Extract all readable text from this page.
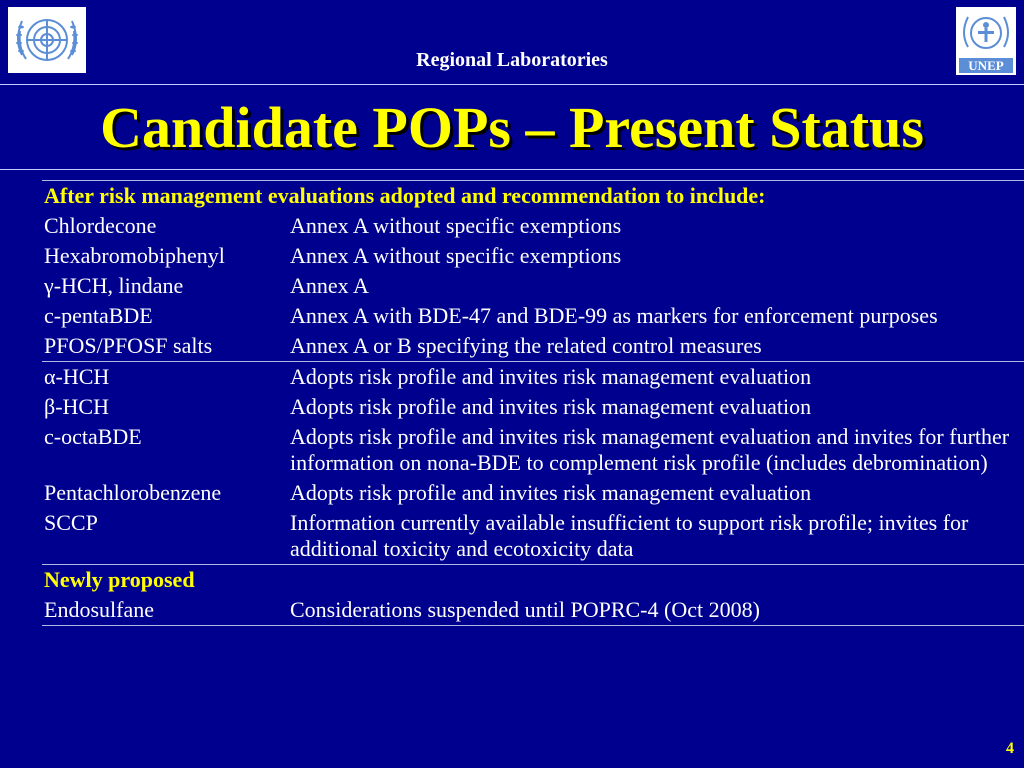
UNEP
Regional Laboratories
Candidate POPs – Present Status
After risk management evaluations adopted and recommendation to include:	
Chlordecone	Annex A without specific exemptions
Hexabromobiphenyl	Annex A without specific exemptions
γ-HCH, lindane	Annex A
c-pentaBDE	Annex A with BDE-47 and BDE-99 as markers for enforcement purposes
PFOS/PFOSF salts	Annex A or B specifying the related control measures
α-HCH	Adopts risk profile and invites risk management evaluation
β-HCH	Adopts risk profile and invites risk management evaluation
c-octaBDE	Adopts risk profile and invites risk management evaluation and invites for further information on nona-BDE to complement risk profile (includes debromination)
Pentachlorobenzene	Adopts risk profile and invites risk management evaluation
SCCP	Information currently available insufficient to support risk profile; invites for additional toxicity and ecotoxicity data
Newly proposed	
Endosulfane	Considerations suspended until POPRC-4 (Oct 2008)
4
